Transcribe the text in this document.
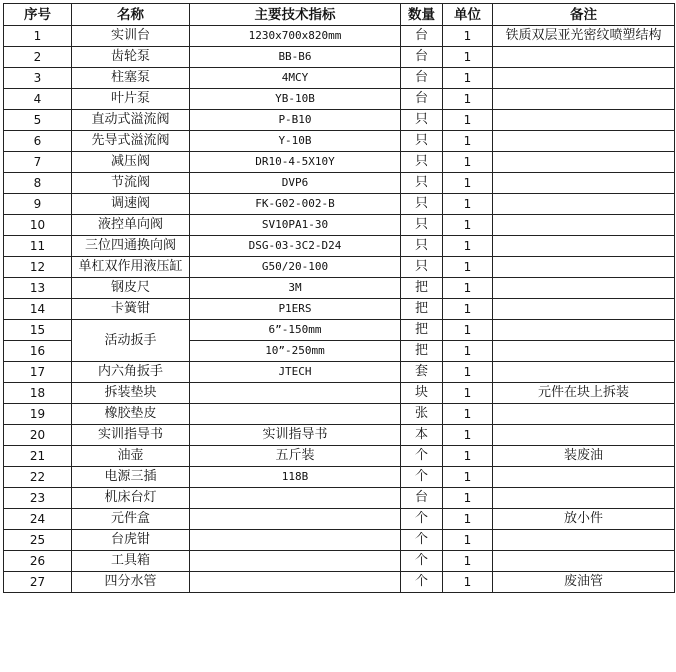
序号	名称	主要技术指标	数量	单位	备注
1	实训台	1230x700x820mm	台	1	铁质双层亚光密纹喷塑结构
2	齿轮泵	BB-B6	台	1	
3	柱塞泵	4MCY	台	1	
4	叶片泵	YB-10B	台	1	
5	直动式溢流阀	P-B10	只	1	
6	先导式溢流阀	Y-10B	只	1	
7	减压阀	DR10-4-5X10Y	只	1	
8	节流阀	DVP6	只	1	
9	调速阀	FK-G02-002-B	只	1	
10	液控单向阀	SV10PA1-30	只	1	
11	三位四通换向阀	DSG-03-3C2-D24	只	1	
12	单杠双作用液压缸	G50/20-100	只	1	
13	钢皮尺	3M	把	1	
14	卡簧钳	P1ERS	把	1	
15	活动扳手	6”-150mm	把	1	
16		10”-250mm	把	1	
17	内六角扳手	JTECH	套	1	
18	拆装垫块		块	1	元件在块上拆装
19	橡胶垫皮		张	1	
20	实训指导书	实训指导书	本	1	
21	油壶	五斤装	个	1	装废油
22	电源三插	118B	个	1	
23	机床台灯		台	1	
24	元件盒		个	1	放小件
25	台虎钳		个	1	
26	工具箱		个	1	
27	四分水管		个	1	废油管
